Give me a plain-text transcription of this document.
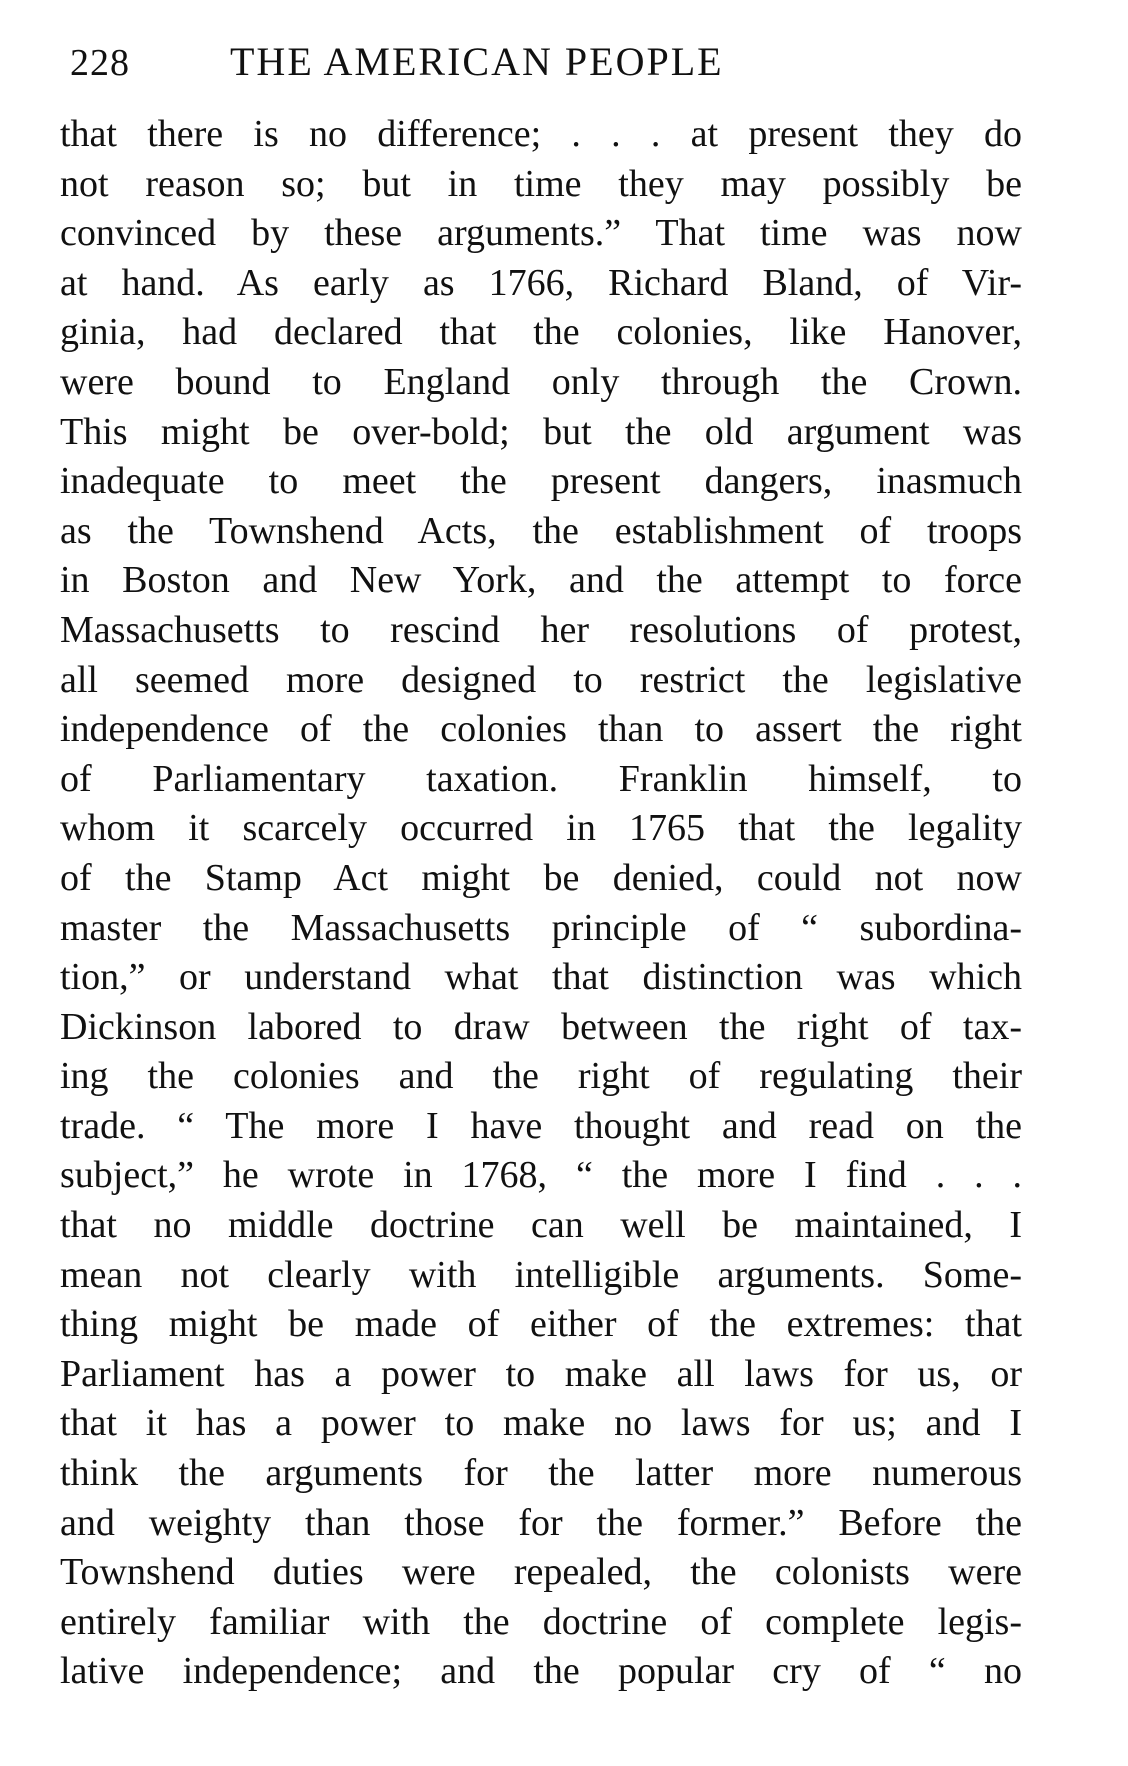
228	THE AMERICAN PEOPLE
that there is no difference; . . . at present they do
not reason so; but in time they may possibly be
convinced by these arguments.” That time was now
at hand. As early as 1766, Richard Bland, of Vir-
ginia, had declared that the colonies, like Hanover,
were bound to England only through the Crown.
This might be over-bold; but the old argument was
inadequate to meet the present dangers, inasmuch
as the Townshend Acts, the establishment of troops
in Boston and New York, and the attempt to force
Massachusetts to rescind her resolutions of protest,
all seemed more designed to restrict the legislative
independence of the colonies than to assert the right
of Parliamentary taxation. Franklin himself, to
whom it scarcely occurred in 1765 that the legality
of the Stamp Act might be denied, could not now
master the Massachusetts principle of “ subordina-
tion,” or understand what that distinction was which
Dickinson labored to draw between the right of tax-
ing the colonies and the right of regulating their
trade. “ The more I have thought and read on the
subject,” he wrote in 1768, “ the more I find . . .
that no middle doctrine can well be maintained, I
mean not clearly with intelligible arguments. Some-
thing might be made of either of the extremes: that
Parliament has a power to make all laws for us, or
that it has a power to make no laws for us; and I
think the arguments for the latter more numerous
and weighty than those for the former.” Before the
Townshend duties were repealed, the colonists were
entirely familiar with the doctrine of complete legis-
lative independence; and the popular cry of “ no
